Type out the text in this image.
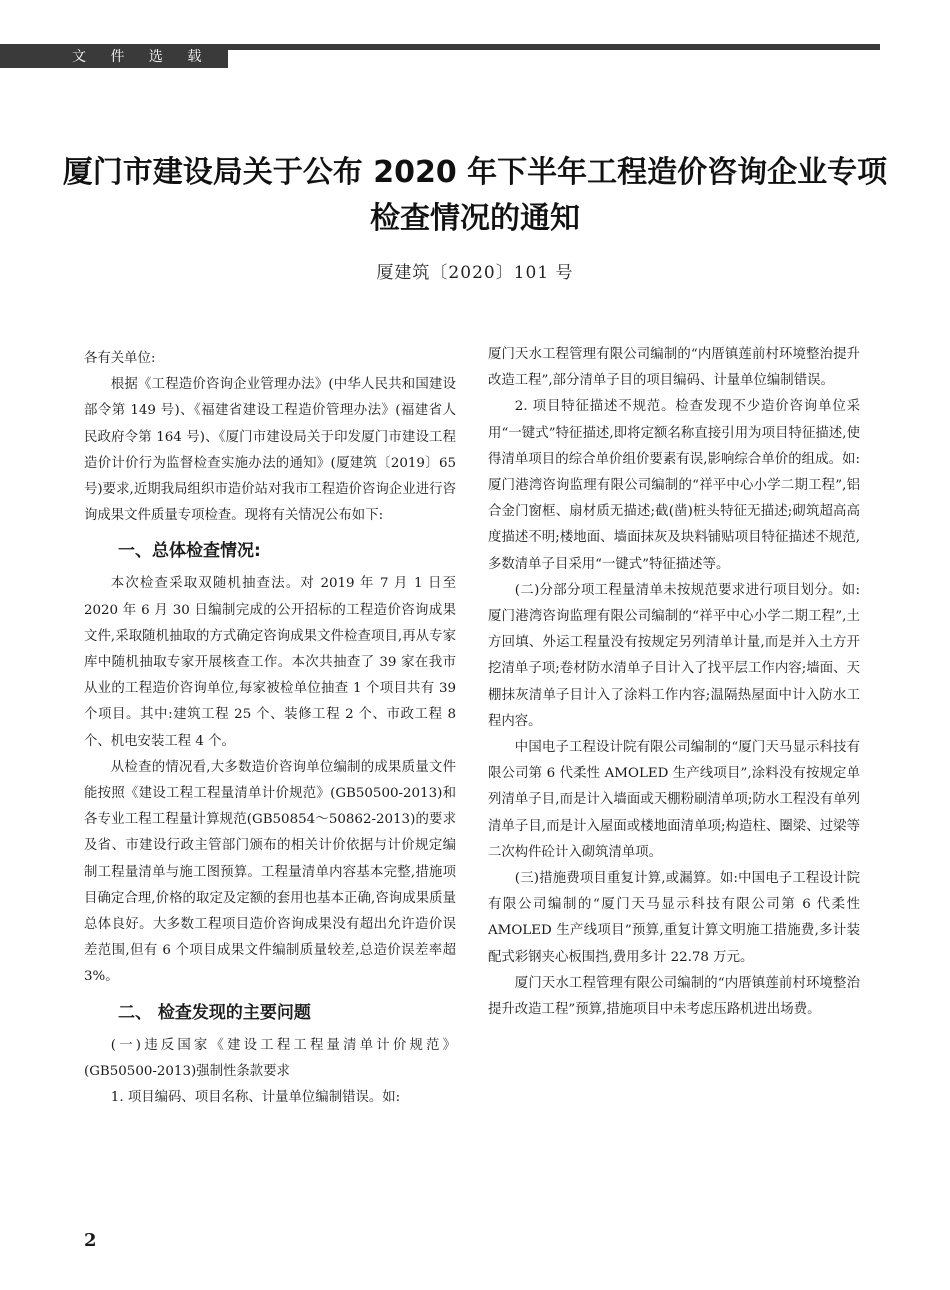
文 件 选 载
厦门市建设局关于公布 2020 年下半年工程造价咨询企业专项检查情况的通知
厦建筑〔2020〕101 号

各有关单位:

根据《工程造价咨询企业管理办法》(中华人民共和国建设部令第 149 号)、《福建省建设工程造价管理办法》(福建省人民政府令第 164 号)、《厦门市建设局关于印发厦门市建设工程造价计价行为监督检查实施办法的通知》(厦建筑〔2019〕65 号)要求,近期我局组织市造价站对我市工程造价咨询企业进行咨询成果文件质量专项检查。现将有关情况公布如下:

一、总体检查情况:

本次检查采取双随机抽查法。对 2019 年 7 月 1 日至 2020 年 6 月 30 日编制完成的公开招标的工程造价咨询成果文件,采取随机抽取的方式确定咨询成果文件检查项目,再从专家库中随机抽取专家开展核查工作。本次共抽查了 39 家在我市从业的工程造价咨询单位,每家被检单位抽查 1 个项目共有 39 个项目。其中:建筑工程 25 个、装修工程 2 个、市政工程 8 个、机电安装工程 4 个。

从检查的情况看,大多数造价咨询单位编制的成果质量文件能按照《建设工程工程量清单计价规范》(GB50500-2013)和各专业工程工程量计算规范(GB50854～50862-2013)的要求及省、市建设行政主管部门颁布的相关计价依据与计价规定编制工程量清单与施工图预算。工程量清单内容基本完整,措施项目确定合理,价格的取定及定额的套用也基本正确,咨询成果质量总体良好。大多数工程项目造价咨询成果没有超出允许造价误差范围,但有 6 个项目成果文件编制质量较差,总造价误差率超 3%。

二、 检查发现的主要问题

(一)违反国家《建设工程工程量清单计价规范》(GB50500-2013)强制性条款要求

1. 项目编码、项目名称、计量单位编制错误。如:

厦门天水工程管理有限公司编制的“内厝镇莲前村环境整治提升改造工程”,部分清单子目的项目编码、计量单位编制错误。

2. 项目特征描述不规范。检查发现不少造价咨询单位采用“一键式”特征描述,即将定额名称直接引用为项目特征描述,使得清单项目的综合单价组价要素有误,影响综合单价的组成。如:厦门港湾咨询监理有限公司编制的“祥平中心小学二期工程”,铝合金门窗框、扇材质无描述;截(凿)桩头特征无描述;砌筑超高高度描述不明;楼地面、墙面抹灰及块料铺贴项目特征描述不规范,多数清单子目采用“一键式”特征描述等。

(二)分部分项工程量清单未按规范要求进行项目划分。如:厦门港湾咨询监理有限公司编制的“祥平中心小学二期工程”,土方回填、外运工程量没有按规定另列清单计量,而是并入土方开挖清单子项;卷材防水清单子目计入了找平层工作内容;墙面、天棚抹灰清单子目计入了涂料工作内容;温隔热屋面中计入防水工程内容。

中国电子工程设计院有限公司编制的“厦门天马显示科技有限公司第 6 代柔性 AMOLED 生产线项目”,涂料没有按规定单列清单子目,而是计入墙面或天棚粉刷清单项;防水工程没有单列清单子目,而是计入屋面或楼地面清单项;构造柱、圈梁、过梁等二次构件砼计入砌筑清单项。

(三)措施费项目重复计算,或漏算。如:中国电子工程设计院有限公司编制的“厦门天马显示科技有限公司第 6 代柔性 AMOLED 生产线项目”预算,重复计算文明施工措施费,多计装配式彩钢夹心板围挡,费用多计 22.78 万元。

厦门天水工程管理有限公司编制的“内厝镇莲前村环境整治提升改造工程”预算,措施项目中未考虑压路机进出场费。

2
